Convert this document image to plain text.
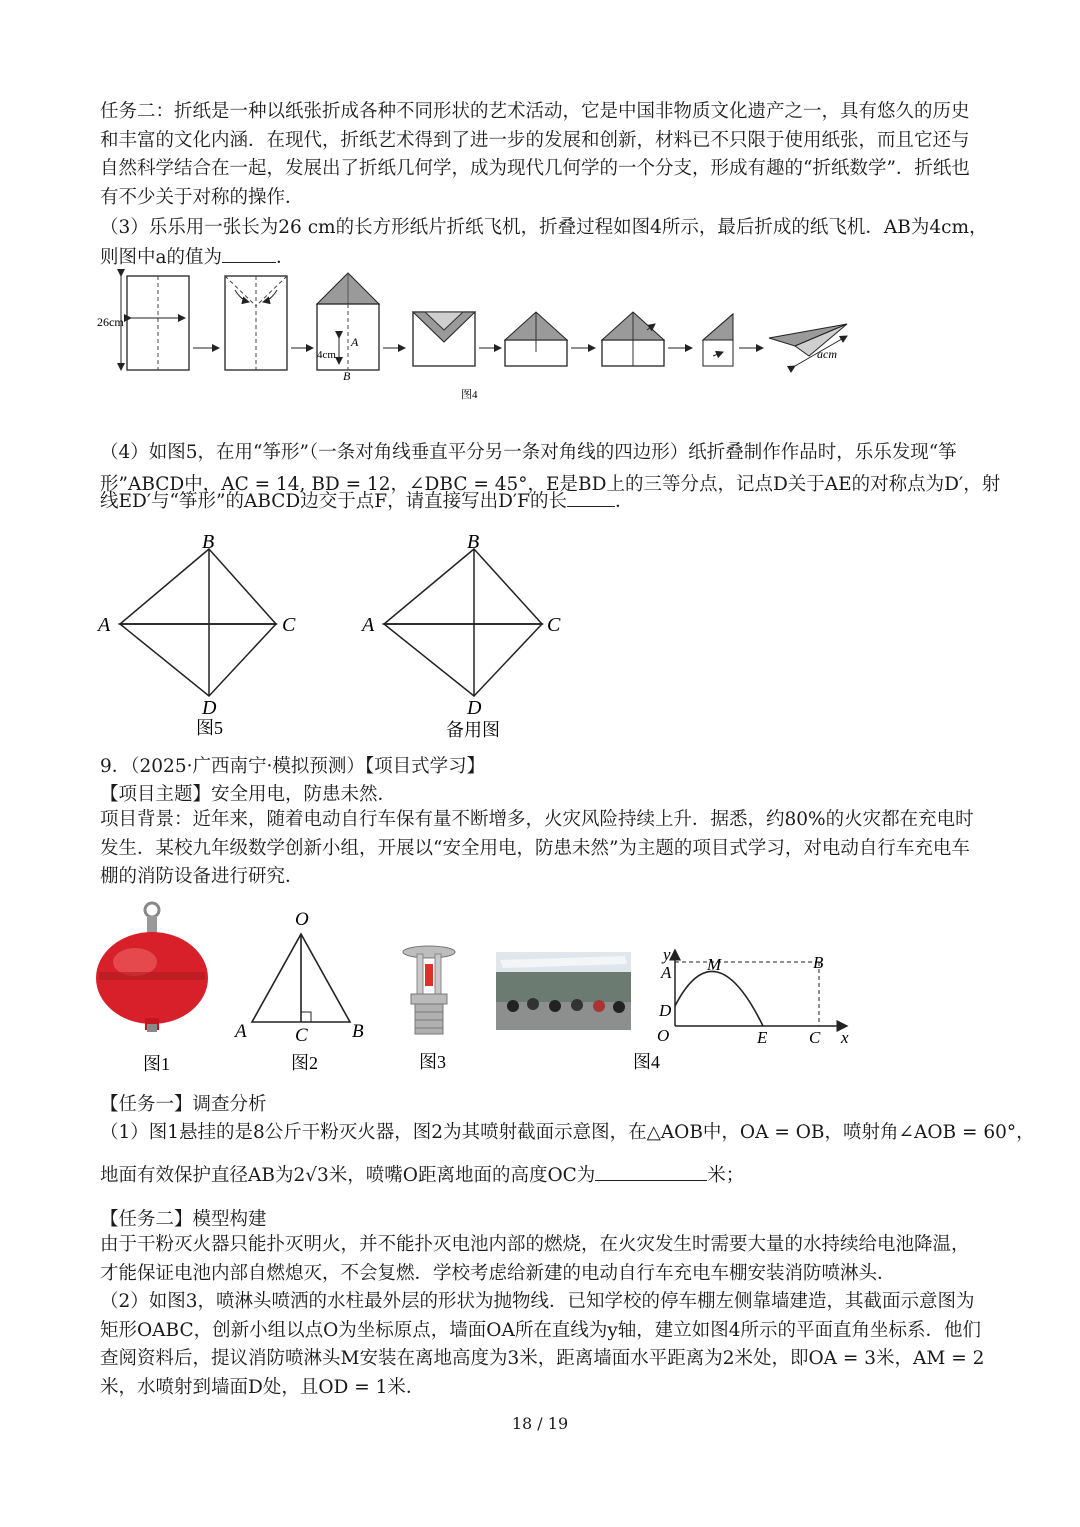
任务二：折纸是一种以纸张折成各种不同形状的艺术活动，它是中国非物质文化遗产之一，具有悠久的历史和丰富的文化内涵．在现代，折纸艺术得到了进一步的发展和创新，材料已不只限于使用纸张，而且它还与自然科学结合在一起，发展出了折纸几何学，成为现代几何学的一个分支，形成有趣的“折纸数学”．折纸也有不少关于对称的操作．
（3）乐乐用一张长为26 cm的长方形纸片折纸飞机，折叠过程如图4所示，最后折成的纸飞机．AB为4cm，
则图中a的值为	．
26cm
4cm
A
B
acm
图4
（4）如图5，在用“筝形”（一条对角线垂直平分另一条对角线的四边形）纸折叠制作作品时，乐乐发现“筝
形”ABCD中，AC = 14, BD = 12，∠DBC = 45°，E是BD上的三等分点，记点D关于AE的对称点为D′，射
线ED′与“筝形”的ABCD边交于点F，请直接写出D′F的长	．
B
A	C
D
图5
B
A	C
D
备用图
9．（2025·广西南宁·模拟预测）【项目式学习】
【项目主题】安全用电，防患未然．
项目背景：近年来，随着电动自行车保有量不断增多，火灾风险持续上升．据悉，约80%的火灾都在充电时发生．某校九年级数学创新小组，开展以“安全用电，防患未然”为主题的项目式学习，对电动自行车充电车棚的消防设备进行研究．
图1
O
A	C B
图2	图3
y
A M	B
D
O	E C x
图4
【任务一】调查分析
（1）图1悬挂的是8公斤干粉灭火器，图2为其喷射截面示意图，在△AOB中，OA = OB，喷射角∠AOB = 60°，
地面有效保护直径AB为2√3米，喷嘴O距离地面的高度OC为	米；
【任务二】模型构建
由于干粉灭火器只能扑灭明火，并不能扑灭电池内部的燃烧，在火灾发生时需要大量的水持续给电池降温，才能保证电池内部自燃熄灭，不会复燃．学校考虑给新建的电动自行车充电车棚安装消防喷淋头．
（2）如图3，喷淋头喷洒的水柱最外层的形状为抛物线．已知学校的停车棚左侧靠墙建造，其截面示意图为矩形OABC，创新小组以点O为坐标原点，墙面OA所在直线为y轴，建立如图4所示的平面直角坐标系．他们查阅资料后，提议消防喷淋头M安装在离地高度为3米，距离墙面水平距离为2米处，即OA = 3米，AM = 2米，水喷射到墙面D处，且OD = 1米．
18 / 19
